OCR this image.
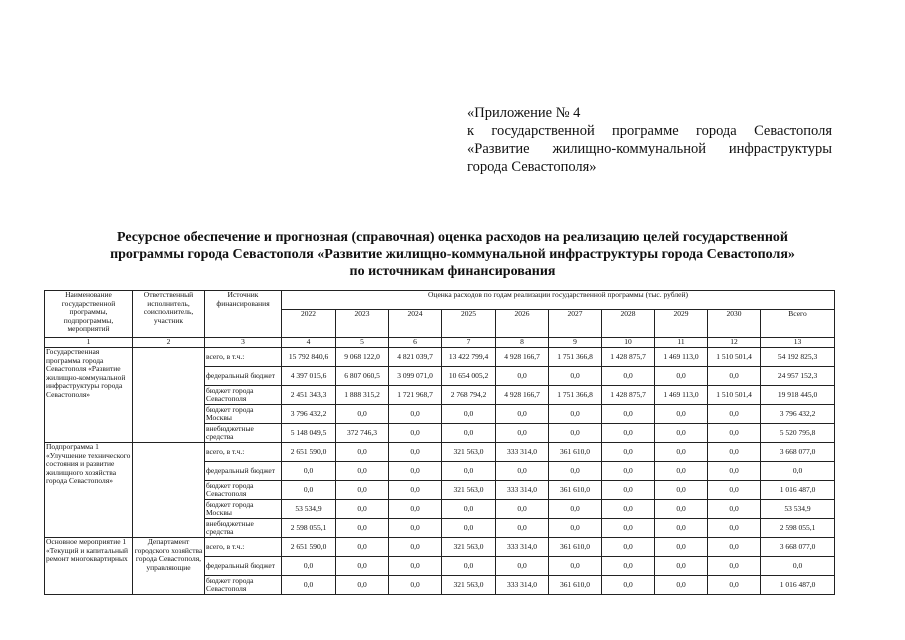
«Приложение № 4
к государственной программе города Севастополя
«Развитие жилищно-коммунальной инфраструктуры
города Севастополя»
Ресурсное обеспечение и прогнозная (справочная) оценка расходов на реализацию целей государственной
программы города Севастополя «Развитие жилищно-коммунальной инфраструктуры города Севастополя»
по источникам финансирования
Наименование государственной программы, подпрограммы, мероприятий	Ответственный исполнитель, соисполнитель, участник	Источник финансирования	Оценка расходов по годам реализации государственной программы (тыс. рублей)									
			2022	2023	2024	2025	2026	2027	2028	2029	2030	Всего
1	2	3	4	5	6	7	8	9	10	11	12	13
Государственная программа города Севастополя «Развитие жилищно-коммунальной инфраструктуры города Севастополя»		всего, в т.ч.:	15 792 840,6	9 068 122,0	4 821 039,7	13 422 799,4	4 928 166,7	1 751 366,8	1 428 875,7	1 469 113,0	1 510 501,4	54 192 825,3
		федеральный бюджет	4 397 015,6	6 807 060,5	3 099 071,0	10 654 005,2	0,0	0,0	0,0	0,0	0,0	24 957 152,3
		бюджет города Севастополя	2 451 343,3	1 888 315,2	1 721 968,7	2 768 794,2	4 928 166,7	1 751 366,8	1 428 875,7	1 469 113,0	1 510 501,4	19 918 445,0
		бюджет города Москвы	3 796 432,2	0,0	0,0	0,0	0,0	0,0	0,0	0,0	0,0	3 796 432,2
		внебюджетные средства	5 148 049,5	372 746,3	0,0	0,0	0,0	0,0	0,0	0,0	0,0	5 520 795,8
Подпрограмма 1 «Улучшение технического состояния и развитие жилищного хозяйства города Севастополя»		всего, в т.ч.:	2 651 590,0	0,0	0,0	321 563,0	333 314,0	361 610,0	0,0	0,0	0,0	3 668 077,0
		федеральный бюджет	0,0	0,0	0,0	0,0	0,0	0,0	0,0	0,0	0,0	0,0
		бюджет города Севастополя	0,0	0,0	0,0	321 563,0	333 314,0	361 610,0	0,0	0,0	0,0	1 016 487,0
		бюджет города Москвы	53 534,9	0,0	0,0	0,0	0,0	0,0	0,0	0,0	0,0	53 534,9
		внебюджетные средства	2 598 055,1	0,0	0,0	0,0	0,0	0,0	0,0	0,0	0,0	2 598 055,1
Основное мероприятие 1 «Текущий и капитальный ремонт многоквартирных	Департамент городского хозяйства города Севастополя, управляющие	всего, в т.ч.:	2 651 590,0	0,0	0,0	321 563,0	333 314,0	361 610,0	0,0	0,0	0,0	3 668 077,0
		федеральный бюджет	0,0	0,0	0,0	0,0	0,0	0,0	0,0	0,0	0,0	0,0
		бюджет города Севастополя	0,0	0,0	0,0	321 563,0	333 314,0	361 610,0	0,0	0,0	0,0	1 016 487,0
